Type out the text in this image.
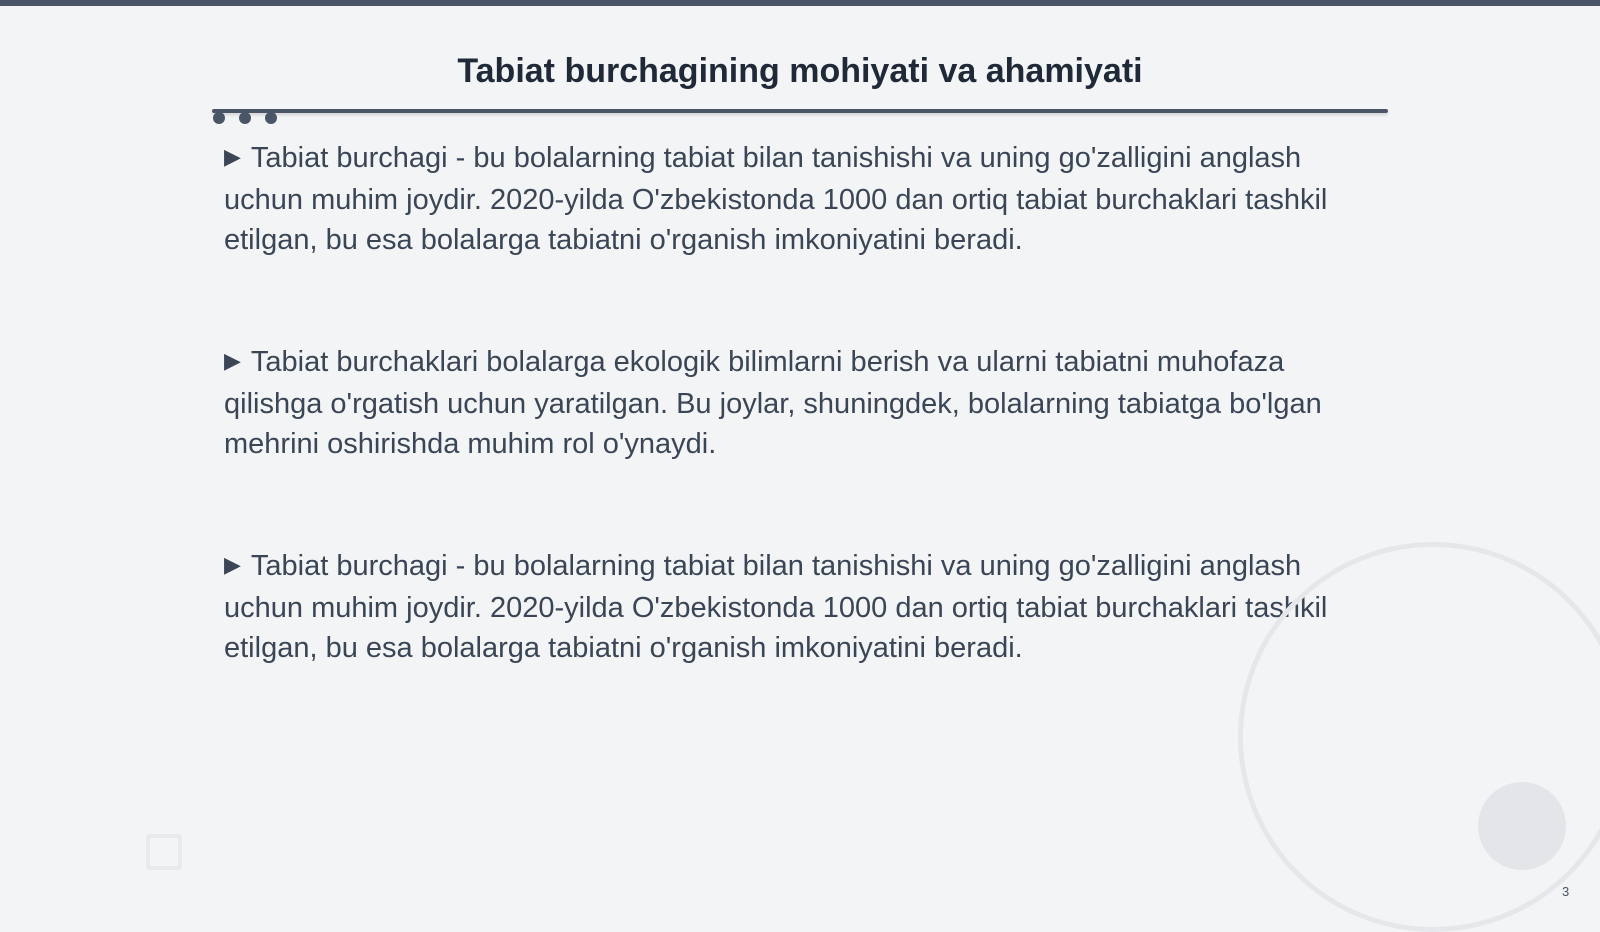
Tabiat burchagining mohiyati va ahamiyati

▶ Tabiat burchagi - bu bolalarning tabiat bilan tanishishi va uning go'zalligini anglash uchun muhim joydir. 2020-yilda O'zbekistonda 1000 dan ortiq tabiat burchaklari tashkil etilgan, bu esa bolalarga tabiatni o'rganish imkoniyatini beradi.

▶ Tabiat burchaklari bolalarga ekologik bilimlarni berish va ularni tabiatni muhofaza qilishga o'rgatish uchun yaratilgan. Bu joylar, shuningdek, bolalarning tabiatga bo'lgan mehrini oshirishda muhim rol o'ynaydi.

▶ Tabiat burchagi - bu bolalarning tabiat bilan tanishishi va uning go'zalligini anglash uchun muhim joydir. 2020-yilda O'zbekistonda 1000 dan ortiq tabiat burchaklari tashkil etilgan, bu esa bolalarga tabiatni o'rganish imkoniyatini beradi.

3
